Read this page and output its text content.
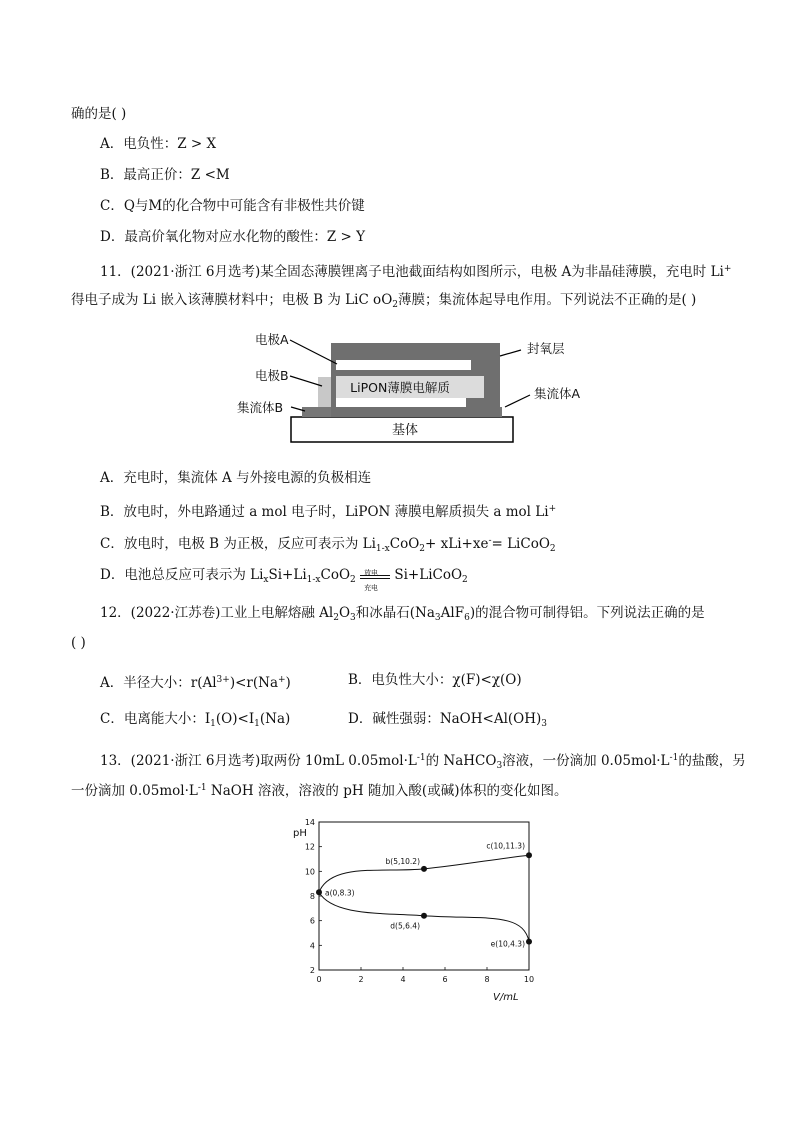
确的是( )
A．电负性：Z > X
B．最高正价：Z <M
C．Q与M的化合物中可能含有非极性共价键
D．最高价氧化物对应水化物的酸性：Z > Y
11．(2021·浙江 6月选考)某全固态薄膜锂离子电池截面结构如图所示，电极 A为非晶硅薄膜，充电时 Li+
得电子成为 Li 嵌入该薄膜材料中；电极 B 为 LiC $oO_2$薄膜；集流体起导电作用。下列说法不正确的是( )
基体
LiPON薄膜电解质
电极A
电极B
集流体B
封氧层
集流体A
A．充电时，集流体 A 与外接电源的负极相连
B．放电时，外电路通过 a mol 电子时，LiPON 薄膜电解质损失 a mol Li+
C．放电时，电极 B 为正极，反应可表示为 $Li_{1-x}CoO_2+ xLi+xe^-=$ LiCoO$_2$
D．电池总反应可表示为 $Li_xSi+Li_{1-x}CoO_2$
放电
充电
Si+LiCoO$_2$
12．(2022·江苏卷)工业上电解熔融 $Al_2O_3$和冰晶石$(Na_3AlF_6)$的混合物可制得铝。下列说法正确的是
( )
A．半径大小：$r(Al^{3+})<r(Na^+)$	B．电负性大小：χ(F)<χ(O)
C．电离能大小：$I_1(O)<I_1(Na)$	D．碱性强弱：$NaOH<Al(OH)_3$
13．(2021·浙江 6月选考)取两份 10mL $0.05mol\cdot L^{-1}$的 NaHCO$_3$溶液，一份滴加 $0.05mol\cdot L^{-1}$的盐酸，另
一份滴加 $0.05mol\cdot L^{-1}$ NaOH 溶液，溶液的 pH 随加入酸(或碱)体积的变化如图。
pH
V/mL
0	2	4	6	8	10
2
4
6
8
10
12
14
a(0,8.3)
b(5,10.2)
c(10,11.3)
d(5,6.4)
e(10,4.3)
